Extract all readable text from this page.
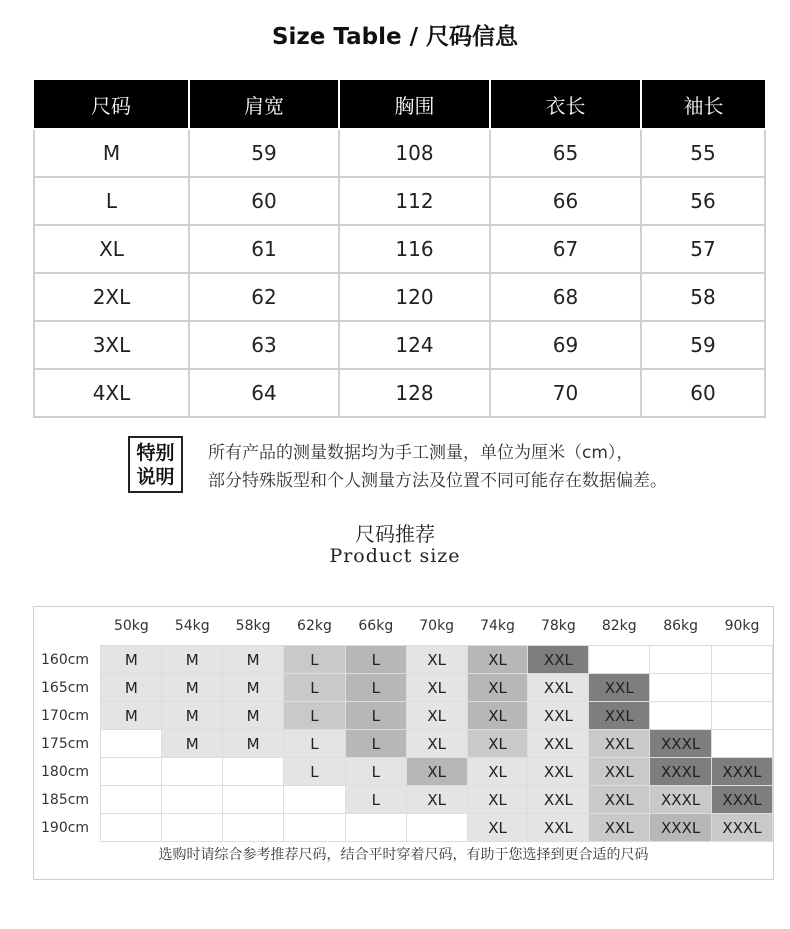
Size Table / 尺码信息
尺码	肩宽	胸围	衣长	袖长
M	59	108	65	55
L	60	112	66	56
XL	61	116	67	57
2XL	62	120	68	58
3XL	63	124	69	59
4XL	64	128	70	60
特别
说明
所有产品的测量数据均为手工测量，单位为厘米（cm），
部分特殊版型和个人测量方法及位置不同可能存在数据偏差。
尺码推荐
Product size
	50kg	54kg	58kg	62kg	66kg	70kg	74kg	78kg	82kg	86kg	90kg
160cm	M	M	M	L	L	XL	XL	XXL			
165cm	M	M	M	L	L	XL	XL	XXL	XXL		
170cm	M	M	M	L	L	XL	XL	XXL	XXL		
175cm		M	M	L	L	XL	XL	XXL	XXL	XXXL	
180cm				L	L	XL	XL	XXL	XXL	XXXL	XXXL
185cm					L	XL	XL	XXL	XXL	XXXL	XXXL
190cm							XL	XXL	XXL	XXXL	XXXL
选购时请综合参考推荐尺码，结合平时穿着尺码，有助于您选择到更合适的尺码
